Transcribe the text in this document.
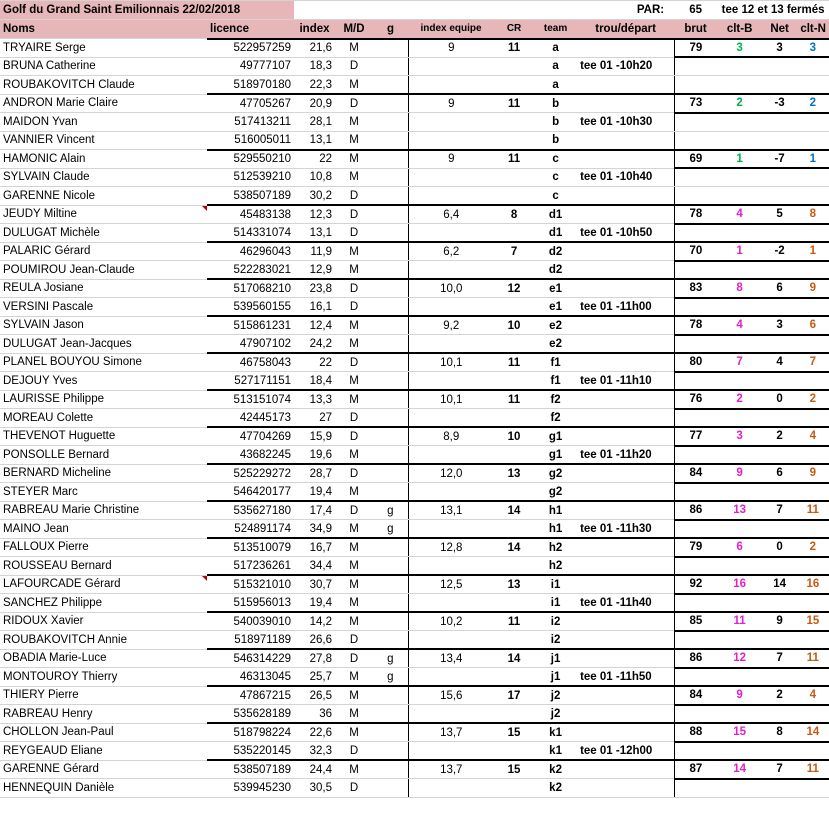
Golf du Grand Saint Emilionnais 22/02/2018							PAR:		65	tee 12 et 13 fermés		
Noms	licence	index	M/D	g	index equipe	CR	team	trou/départ	brut	clt-B	Net	clt-N
TRYAIRE Serge	522957259	21,6	M		9	11	a		79	3	3	3
BRUNA Catherine	49777107	18,3	D				a	tee 01 -10h20				
ROUBAKOVITCH Claude	518970180	22,3	M				a					
ANDRON Marie Claire	47705267	20,9	D		9	11	b		73	2	-3	2
MAIDON Yvan	517413211	28,1	M				b	tee 01 -10h30				
VANNIER Vincent	516005011	13,1	M				b					
HAMONIC Alain	529550210	22	M		9	11	c		69	1	-7	1
SYLVAIN Claude	512539210	10,8	M				c	tee 01 -10h40				
GARENNE Nicole	538507189	30,2	D				c					
JEUDY Miltine	45483138	12,3	D		6,4	8	d1		78	4	5	8
DULUGAT Michèle	514331074	13,1	D				d1	tee 01 -10h50				
PALARIC Gérard	46296043	11,9	M		6,2	7	d2		70	1	-2	1
POUMIROU Jean-Claude	522283021	12,9	M				d2					
REULA Josiane	517068210	23,8	D		10,0	12	e1		83	8	6	9
VERSINI Pascale	539560155	16,1	D				e1	tee 01 -11h00				
SYLVAIN Jason	515861231	12,4	M		9,2	10	e2		78	4	3	6
DULUGAT Jean-Jacques	47907102	24,2	M				e2					
PLANEL BOUYOU Simone	46758043	22	D		10,1	11	f1		80	7	4	7
DEJOUY Yves	527171151	18,4	M				f1	tee 01 -11h10				
LAURISSE Philippe	513151074	13,3	M		10,1	11	f2		76	2	0	2
MOREAU Colette	42445173	27	D				f2					
THEVENOT Huguette	47704269	15,9	D		8,9	10	g1		77	3	2	4
PONSOLLE Bernard	43682245	19,6	M				g1	tee 01 -11h20				
BERNARD Micheline	525229272	28,7	D		12,0	13	g2		84	9	6	9
STEYER Marc	546420177	19,4	M				g2					
RABREAU Marie Christine	535627180	17,4	D	g	13,1	14	h1		86	13	7	11
MAINO Jean	524891174	34,9	M	g			h1	tee 01 -11h30				
FALLOUX Pierre	513510079	16,7	M		12,8	14	h2		79	6	0	2
ROUSSEAU Bernard	517236261	34,4	M				h2					
LAFOURCADE Gérard	515321010	30,7	M		12,5	13	i1		92	16	14	16
SANCHEZ Philippe	515956013	19,4	M				i1	tee 01 -11h40				
RIDOUX Xavier	540039010	14,2	M		10,2	11	i2		85	11	9	15
ROUBAKOVITCH Annie	518971189	26,6	D				i2					
OBADIA Marie-Luce	546314229	27,8	D	g	13,4	14	j1		86	12	7	11
MONTOUROY Thierry	46313045	25,7	M	g			j1	tee 01 -11h50				
THIERY Pierre	47867215	26,5	M		15,6	17	j2		84	9	2	4
RABREAU Henry	535628189	36	M				j2					
CHOLLON Jean-Paul	518798224	22,6	M		13,7	15	k1		88	15	8	14
REYGEAUD Eliane	535220145	32,3	D				k1	tee 01 -12h00				
GARENNE Gérard	538507189	24,4	M		13,7	15	k2		87	14	7	11
HENNEQUIN Danièle	539945230	30,5	D				k2					
